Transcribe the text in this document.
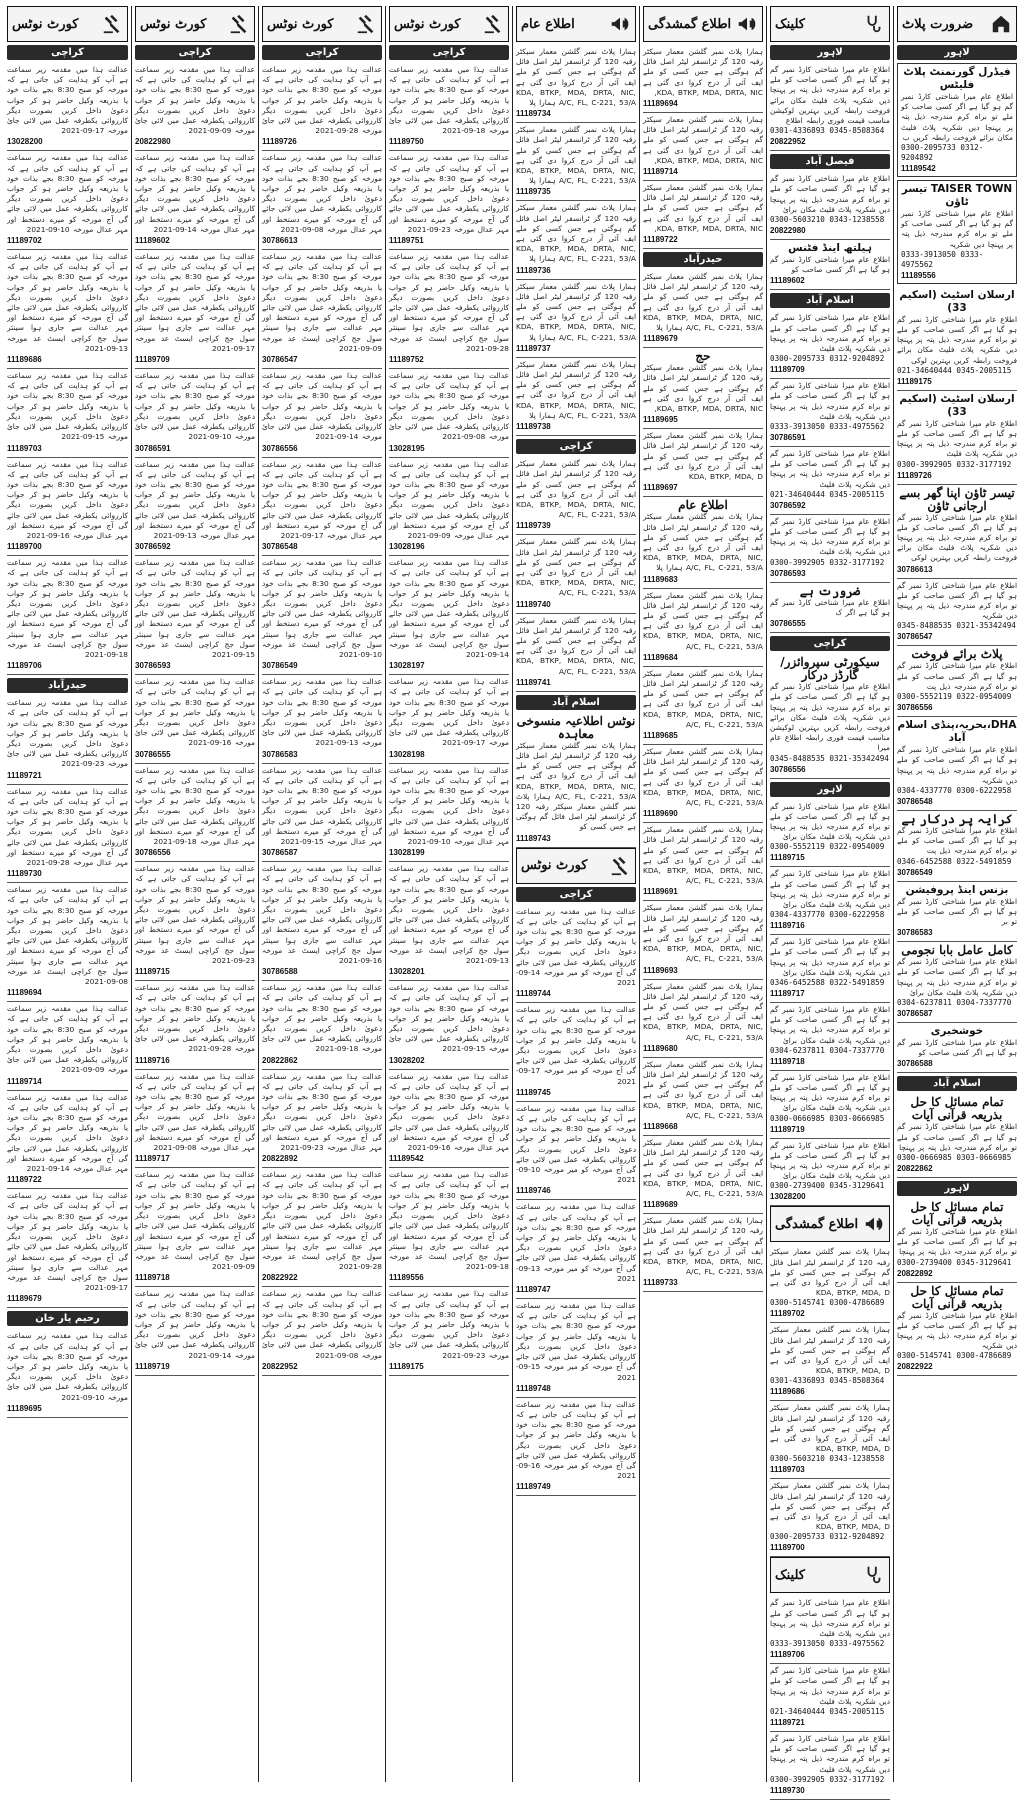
ضرورت پلاٹ
لاہور
فیڈرل گورنمنٹ پلاٹ فلیٹس
اطلاع عام میرا شناختی کارڈ نمبر گم ہو گیا ہے اگر کسی صاحب کو ملے تو براہ کرم مندرجہ ذیل پتہ پر پہنچا دیں شکریہ پلاٹ فلیٹ مکان برائے فروخت رابطہ کریں ب
0300-2095733 0312-9204892
11189542
TAISER TOWN تیسر ٹاؤن
اطلاع عام میرا شناختی کارڈ نمبر گم ہو گیا ہے اگر کسی صاحب کو ملے تو براہ کرم مندرجہ ذیل پتہ پر پہنچا دیں شکریہ
0333-3913050 0333-4975562
11189556
ارسلان اسٹیٹ (اسکیم 33)
اطلاع عام میرا شناختی کارڈ نمبر گم ہو گیا ہے اگر کسی صاحب کو ملے تو براہ کرم مندرجہ ذیل پتہ پر پہنچا دیں شکریہ پلاٹ فلیٹ مکان برائے فروخت رابطہ کریں بہترین لوکی
021-34640444 0345-2005115
11189175
ارسلان اسٹیٹ (اسکیم 33)
اطلاع عام میرا شناختی کارڈ نمبر گم ہو گیا ہے اگر کسی صاحب کو ملے تو براہ کرم مندرجہ ذیل پتہ پر پہنچا دیں شکریہ پلاٹ فلیٹ
0300-3992905 0332-3177192
11189726
تیسر ٹاؤن اپنا گھر بسے ارجانی ٹاؤن
اطلاع عام میرا شناختی کارڈ نمبر گم ہو گیا ہے اگر کسی صاحب کو ملے تو براہ کرم مندرجہ ذیل پتہ پر پہنچا دیں شکریہ پلاٹ فلیٹ مکان برائے فروخت رابطہ کریں بہترین لوکی
30786613
اطلاع عام میرا شناختی کارڈ نمبر گم ہو گیا ہے اگر کسی صاحب کو ملے تو براہ کرم مندرجہ ذیل پتہ پر پہنچا دیں شکریہ
0345-8488535 0321-35342494
30786547
پلاٹ برائے فروخت
اطلاع عام میرا شناختی کارڈ نمبر گم ہو گیا ہے اگر کسی صاحب کو ملے تو براہ کرم مندرجہ ذیل پت
0300-5552119 0322-0954009
30786556
DHA،بحریہ،پنڈی اسلام آباد
اطلاع عام میرا شناختی کارڈ نمبر گم ہو گیا ہے اگر کسی صاحب کو ملے تو براہ کرم مندرجہ ذیل پتہ پر پہنچا دیں شکریہ
0304-4337770 0300-6222958
30786548
کرایہ پر درکار ہے
اطلاع عام میرا شناختی کارڈ نمبر گم ہو گیا ہے اگر کسی صاحب کو ملے تو براہ کرم مندرجہ ذیل پت
0346-6452588 0322-5491859
30786549
بزنس اینڈ پروفیشن
اطلاع عام میرا شناختی کارڈ نمبر گم ہو گیا ہے اگر کسی صاحب کو ملے تو بر
30786583
کامل عامل بابا نجومی
اطلاع عام میرا شناختی کارڈ نمبر گم ہو گیا ہے اگر کسی صاحب کو ملے تو براہ کرم مندرجہ ذیل پتہ پر پہنچا دیں شکریہ پلاٹ فلیٹ مکان برائ
0304-6237811 0304-7337770
30786587
خوشخبری
اطلاع عام میرا شناختی کارڈ نمبر گم ہو گیا ہے اگر کسی صاحب کو
30786588
اسلام آباد
تمام مسائل کا حل بذریعہ قرآنی آیات
اطلاع عام میرا شناختی کارڈ نمبر گم ہو گیا ہے اگر کسی صاحب کو ملے تو براہ کرم مندرجہ ذیل پتہ پر پہنچا
0300-0666985 0303-0666985
20822862
لاہور
تمام مسائل کا حل بذریعہ قرآنی آیات
اطلاع عام میرا شناختی کارڈ نمبر گم ہو گیا ہے اگر کسی صاحب کو ملے تو براہ کرم مندرجہ ذیل پتہ پر پہنچا
0300-2739400 0345-3129641
20822892
تمام مسائل کا حل بذریعہ قرآنی آیات
اطلاع عام میرا شناختی کارڈ نمبر گم ہو گیا ہے اگر کسی صاحب کو ملے تو براہ کرم مندرجہ ذیل پتہ پر پہنچا دیں شکریہ
0300-5145741 0300-4786689
20822922
کلینک
لاہور
اطلاع عام میرا شناختی کارڈ نمبر گم ہو گیا ہے اگر کسی صاحب کو ملے تو براہ کرم مندرجہ ذیل پتہ پر پہنچا دیں شکریہ پلاٹ فلیٹ مکان برائے فروخت رابطہ کریں بہترین لوکیشن مناسب قیمت فوری رابطہ اطلاع
0301-4336893 0345-8508364
20822952
فیصل آباد
اطلاع عام میرا شناختی کارڈ نمبر گم ہو گیا ہے اگر کسی صاحب کو ملے تو براہ کرم مندرجہ ذیل پتہ پر پہنچا دیں شکریہ پلاٹ فلیٹ مکان برائ
0300-5603210 0343-1238558
20822980
ہیلتھ اینڈ فٹنس
اطلاع عام میرا شناختی کارڈ نمبر گم ہو گیا ہے اگر کسی صاحب کو
11189602
اسلام آباد
اطلاع عام میرا شناختی کارڈ نمبر گم ہو گیا ہے اگر کسی صاحب کو ملے تو براہ کرم مندرجہ ذیل پتہ پر پہنچا دیں شکریہ پلاٹ فلیٹ
0300-2095733 0312-9204892
11189709
اطلاع عام میرا شناختی کارڈ نمبر گم ہو گیا ہے اگر کسی صاحب کو ملے تو براہ کرم مندرجہ ذیل پتہ پر پہنچا دیں شکریہ پلاٹ فلیٹ
0333-3913050 0333-4975562
30786591
اطلاع عام میرا شناختی کارڈ نمبر گم ہو گیا ہے اگر کسی صاحب کو ملے تو براہ کرم مندرجہ ذیل پتہ پر پہنچا دیں شکریہ پلاٹ فلیٹ
021-34640444 0345-2005115
30786592
اطلاع عام میرا شناختی کارڈ نمبر گم ہو گیا ہے اگر کسی صاحب کو ملے تو براہ کرم مندرجہ ذیل پتہ پر پہنچا دیں شکریہ پلاٹ فلیٹ
0300-3992905 0332-3177192
30786593
ضرورت ہے
اطلاع عام میرا شناختی کارڈ نمبر گم ہو گیا ہے اگر ک
30786555
کراچی
سیکورٹی سپروائزر/گارڈز درکار
اطلاع عام میرا شناختی کارڈ نمبر گم ہو گیا ہے اگر کسی صاحب کو ملے تو براہ کرم مندرجہ ذیل پتہ پر پہنچا دیں شکریہ پلاٹ فلیٹ مکان برائے فروخت رابطہ کریں بہترین لوکیشن مناسب قیمت فوری رابطہ اطلاع عام میرا
0345-8488535 0321-35342494
30786556
لاہور
اطلاع عام میرا شناختی کارڈ نمبر گم ہو گیا ہے اگر کسی صاحب کو ملے تو براہ کرم مندرجہ ذیل پتہ پر پہنچا دیں شکریہ پلاٹ فلیٹ مکان برائ
0300-5552119 0322-0954009
11189715
اطلاع عام میرا شناختی کارڈ نمبر گم ہو گیا ہے اگر کسی صاحب کو ملے تو براہ کرم مندرجہ ذیل پتہ پر پہنچا دیں شکریہ پلاٹ فلیٹ مکان برائ
0304-4337770 0300-6222958
11189716
اطلاع عام میرا شناختی کارڈ نمبر گم ہو گیا ہے اگر کسی صاحب کو ملے تو براہ کرم مندرجہ ذیل پتہ پر پہنچا دیں شکریہ پلاٹ فلیٹ مکان برائ
0346-6452588 0322-5491859
11189717
اطلاع عام میرا شناختی کارڈ نمبر گم ہو گیا ہے اگر کسی صاحب کو ملے تو براہ کرم مندرجہ ذیل پتہ پر پہنچا دیں شکریہ پلاٹ فلیٹ مکان برائ
0304-6237811 0304-7337770
11189718
اطلاع عام میرا شناختی کارڈ نمبر گم ہو گیا ہے اگر کسی صاحب کو ملے تو براہ کرم مندرجہ ذیل پتہ پر پہنچا دیں شکریہ پلاٹ فلیٹ مکان برائ
0300-0666985 0303-0666985
11189719
اطلاع عام میرا شناختی کارڈ نمبر گم ہو گیا ہے اگر کسی صاحب کو ملے تو براہ کرم مندرجہ ذیل پتہ پر پہنچا دیں شکریہ پلاٹ فلیٹ مکان برائ
0300-2739400 0345-3129641
13028200
اطلاع گمشدگی
ہمارا پلاٹ نمبر گلشن معمار سیکٹر رقبہ 120 گز ٹرانسفر لیٹر اصل فائل گم ہوگئی ہے جس کسی کو ملے ایف آئی آر درج کروا دی گئی ہے KDA, BTKP, MDA, D
0300-5145741 0300-4786689
11189702
ہمارا پلاٹ نمبر گلشن معمار سیکٹر رقبہ 120 گز ٹرانسفر لیٹر اصل فائل گم ہوگئی ہے جس کسی کو ملے ایف آئی آر درج کروا دی گئی ہے KDA, BTKP, MDA, D
0301-4336893 0345-8508364
11189686
ہمارا پلاٹ نمبر گلشن معمار سیکٹر رقبہ 120 گز ٹرانسفر لیٹر اصل فائل گم ہوگئی ہے جس کسی کو ملے ایف آئی آر درج کروا دی گئی ہے KDA, BTKP, MDA, D
0300-5603210 0343-1238558
11189703
ہمارا پلاٹ نمبر گلشن معمار سیکٹر رقبہ 120 گز ٹرانسفر لیٹر اصل فائل گم ہوگئی ہے جس کسی کو ملے ایف آئی آر درج کروا دی گئی ہے KDA, BTKP, MDA, D
0300-2095733 0312-9204892
11189700
کلینک
اطلاع عام میرا شناختی کارڈ نمبر گم ہو گیا ہے اگر کسی صاحب کو ملے تو براہ کرم مندرجہ ذیل پتہ پر پہنچا دیں شکریہ پلاٹ فلیٹ
0333-3913050 0333-4975562
11189706
اطلاع عام میرا شناختی کارڈ نمبر گم ہو گیا ہے اگر کسی صاحب کو ملے تو براہ کرم مندرجہ ذیل پتہ پر پہنچا دیں شکریہ پلاٹ فلیٹ
021-34640444 0345-2005115
11189721
اطلاع عام میرا شناختی کارڈ نمبر گم ہو گیا ہے اگر کسی صاحب کو ملے تو براہ کرم مندرجہ ذیل پتہ پر پہنچا دیں شکریہ پلاٹ فلیٹ
0300-3992905 0332-3177192
11189730
اطلاع گمشدگی
ہمارا پلاٹ نمبر گلشن معمار سیکٹر رقبہ 120 گز ٹرانسفر لیٹر اصل فائل گم ہوگئی ہے جس کسی کو ملے ایف آئی آر درج کروا دی گئی ہے KDA, BTKP, MDA, DRTA, NIC,
11189694
ہمارا پلاٹ نمبر گلشن معمار سیکٹر رقبہ 120 گز ٹرانسفر لیٹر اصل فائل گم ہوگئی ہے جس کسی کو ملے ایف آئی آر درج کروا دی گئی ہے KDA, BTKP, MDA, DRTA, NIC,
11189714
ہمارا پلاٹ نمبر گلشن معمار سیکٹر رقبہ 120 گز ٹرانسفر لیٹر اصل فائل گم ہوگئی ہے جس کسی کو ملے ایف آئی آر درج کروا دی گئی ہے KDA, BTKP, MDA, DRTA, NIC,
11189722
حیدرآباد
ہمارا پلاٹ نمبر گلشن معمار سیکٹر رقبہ 120 گز ٹرانسفر لیٹر اصل فائل گم ہوگئی ہے جس کسی کو ملے ایف آئی آر درج کروا دی گئی ہے KDA, BTKP, MDA, DRTA, NIC, A/C, FL, C-221, 53/A ہمارا پلا
11189679
حج
ہمارا پلاٹ نمبر گلشن معمار سیکٹر رقبہ 120 گز ٹرانسفر لیٹر اصل فائل گم ہوگئی ہے جس کسی کو ملے ایف آئی آر درج کروا دی گئی ہے KDA, BTKP, MDA, DRTA, NIC,
11189695
ہمارا پلاٹ نمبر گلشن معمار سیکٹر رقبہ 120 گز ٹرانسفر لیٹر اصل فائل گم ہوگئی ہے جس کسی کو ملے ایف آئی آر درج کروا دی گئی ہے KDA, BTKP, MDA, D
11189697
اطلاع عام
ہمارا پلاٹ نمبر گلشن معمار سیکٹر رقبہ 120 گز ٹرانسفر لیٹر اصل فائل گم ہوگئی ہے جس کسی کو ملے ایف آئی آر درج کروا دی گئی ہے KDA, BTKP, MDA, DRTA, NIC, A/C, FL, C-221, 53/A ہمارا پلا
11189683
ہمارا پلاٹ نمبر گلشن معمار سیکٹر رقبہ 120 گز ٹرانسفر لیٹر اصل فائل گم ہوگئی ہے جس کسی کو ملے ایف آئی آر درج کروا دی گئی ہے KDA, BTKP, MDA, DRTA, NIC, A/C, FL, C-221, 53/A
11189684
ہمارا پلاٹ نمبر گلشن معمار سیکٹر رقبہ 120 گز ٹرانسفر لیٹر اصل فائل گم ہوگئی ہے جس کسی کو ملے ایف آئی آر درج کروا دی گئی ہے KDA, BTKP, MDA, DRTA, NIC, A/C, FL, C-221, 53/A
11189685
ہمارا پلاٹ نمبر گلشن معمار سیکٹر رقبہ 120 گز ٹرانسفر لیٹر اصل فائل گم ہوگئی ہے جس کسی کو ملے ایف آئی آر درج کروا دی گئی ہے KDA, BTKP, MDA, DRTA, NIC, A/C, FL, C-221, 53/A
11189690
ہمارا پلاٹ نمبر گلشن معمار سیکٹر رقبہ 120 گز ٹرانسفر لیٹر اصل فائل گم ہوگئی ہے جس کسی کو ملے ایف آئی آر درج کروا دی گئی ہے KDA, BTKP, MDA, DRTA, NIC, A/C, FL, C-221, 53/A
11189691
ہمارا پلاٹ نمبر گلشن معمار سیکٹر رقبہ 120 گز ٹرانسفر لیٹر اصل فائل گم ہوگئی ہے جس کسی کو ملے ایف آئی آر درج کروا دی گئی ہے KDA, BTKP, MDA, DRTA, NIC, A/C, FL, C-221, 53/A
11189693
ہمارا پلاٹ نمبر گلشن معمار سیکٹر رقبہ 120 گز ٹرانسفر لیٹر اصل فائل گم ہوگئی ہے جس کسی کو ملے ایف آئی آر درج کروا دی گئی ہے KDA, BTKP, MDA, DRTA, NIC, A/C, FL, C-221, 53/A
11189680
ہمارا پلاٹ نمبر گلشن معمار سیکٹر رقبہ 120 گز ٹرانسفر لیٹر اصل فائل گم ہوگئی ہے جس کسی کو ملے ایف آئی آر درج کروا دی گئی ہے KDA, BTKP, MDA, DRTA, NIC, A/C, FL, C-221, 53/A
11189668
ہمارا پلاٹ نمبر گلشن معمار سیکٹر رقبہ 120 گز ٹرانسفر لیٹر اصل فائل گم ہوگئی ہے جس کسی کو ملے ایف آئی آر درج کروا دی گئی ہے KDA, BTKP, MDA, DRTA, NIC, A/C, FL, C-221, 53/A
11189689
ہمارا پلاٹ نمبر گلشن معمار سیکٹر رقبہ 120 گز ٹرانسفر لیٹر اصل فائل گم ہوگئی ہے جس کسی کو ملے ایف آئی آر درج کروا دی گئی ہے KDA, BTKP, MDA, DRTA, NIC, A/C, FL, C-221, 53/A
11189733
اطلاع عام
ہمارا پلاٹ نمبر گلشن معمار سیکٹر رقبہ 120 گز ٹرانسفر لیٹر اصل فائل گم ہوگئی ہے جس کسی کو ملے ایف آئی آر درج کروا دی گئی ہے KDA, BTKP, MDA, DRTA, NIC, A/C, FL, C-221, 53/A ہمارا پلا
11189734
ہمارا پلاٹ نمبر گلشن معمار سیکٹر رقبہ 120 گز ٹرانسفر لیٹر اصل فائل گم ہوگئی ہے جس کسی کو ملے ایف آئی آر درج کروا دی گئی ہے KDA, BTKP, MDA, DRTA, NIC, A/C, FL, C-221, 53/A ہمارا پلا
11189735
ہمارا پلاٹ نمبر گلشن معمار سیکٹر رقبہ 120 گز ٹرانسفر لیٹر اصل فائل گم ہوگئی ہے جس کسی کو ملے ایف آئی آر درج کروا دی گئی ہے KDA, BTKP, MDA, DRTA, NIC, A/C, FL, C-221, 53/A ہمارا پلا
11189736
ہمارا پلاٹ نمبر گلشن معمار سیکٹر رقبہ 120 گز ٹرانسفر لیٹر اصل فائل گم ہوگئی ہے جس کسی کو ملے ایف آئی آر درج کروا دی گئی ہے KDA, BTKP, MDA, DRTA, NIC, A/C, FL, C-221, 53/A ہمارا پلا
11189737
ہمارا پلاٹ نمبر گلشن معمار سیکٹر رقبہ 120 گز ٹرانسفر لیٹر اصل فائل گم ہوگئی ہے جس کسی کو ملے ایف آئی آر درج کروا دی گئی ہے KDA, BTKP, MDA, DRTA, NIC, A/C, FL, C-221, 53/A ہمارا پلا
11189738
کراچی
ہمارا پلاٹ نمبر گلشن معمار سیکٹر رقبہ 120 گز ٹرانسفر لیٹر اصل فائل گم ہوگئی ہے جس کسی کو ملے ایف آئی آر درج کروا دی گئی ہے KDA, BTKP, MDA, DRTA, NIC, A/C, FL, C-221, 53/A
11189739
ہمارا پلاٹ نمبر گلشن معمار سیکٹر رقبہ 120 گز ٹرانسفر لیٹر اصل فائل گم ہوگئی ہے جس کسی کو ملے ایف آئی آر درج کروا دی گئی ہے KDA, BTKP, MDA, DRTA, NIC, A/C, FL, C-221, 53/A
11189740
ہمارا پلاٹ نمبر گلشن معمار سیکٹر رقبہ 120 گز ٹرانسفر لیٹر اصل فائل گم ہوگئی ہے جس کسی کو ملے ایف آئی آر درج کروا دی گئی ہے KDA, BTKP, MDA, DRTA, NIC, A/C, FL, C-221, 53/A
11189741
اسلام آباد
نوٹس اطلاعیہ منسوخی معاہدہ
ہمارا پلاٹ نمبر گلشن معمار سیکٹر رقبہ 120 گز ٹرانسفر لیٹر اصل فائل گم ہوگئی ہے جس کسی کو ملے ایف آئی آر درج کروا دی گئی ہے KDA, BTKP, MDA, DRTA, NIC, A/C, FL, C-221, 53/A ہمارا پلاٹ نمبر گلشن معمار سیکٹر رقبہ 120 گز ٹرانسفر لیٹر اصل فائل گم ہوگئی ہے جس کسی کو
11189743
کورٹ نوٹس
کراچی
عدالت ہذا میں مقدمہ زیر سماعت ہے آپ کو ہدایت کی جاتی ہے کہ مورخہ کو صبح 8:30 بجے بذات خود یا بذریعہ وکیل حاضر ہو کر جواب دعویٰ داخل کریں بصورت دیگر کارروائی یکطرفہ عمل میں لائی جائے گی آج مورخہ کو میر مورخہ 14-09-2021
11189744
عدالت ہذا میں مقدمہ زیر سماعت ہے آپ کو ہدایت کی جاتی ہے کہ مورخہ کو صبح 8:30 بجے بذات خود یا بذریعہ وکیل حاضر ہو کر جواب دعویٰ داخل کریں بصورت دیگر کارروائی یکطرفہ عمل میں لائی جائے گی آج مورخہ کو میر مورخہ 17-09-2021
11189745
عدالت ہذا میں مقدمہ زیر سماعت ہے آپ کو ہدایت کی جاتی ہے کہ مورخہ کو صبح 8:30 بجے بذات خود یا بذریعہ وکیل حاضر ہو کر جواب دعویٰ داخل کریں بصورت دیگر کارروائی یکطرفہ عمل میں لائی جائے گی آج مورخہ کو میر مورخہ 10-09-2021
11189746
عدالت ہذا میں مقدمہ زیر سماعت ہے آپ کو ہدایت کی جاتی ہے کہ مورخہ کو صبح 8:30 بجے بذات خود یا بذریعہ وکیل حاضر ہو کر جواب دعویٰ داخل کریں بصورت دیگر کارروائی یکطرفہ عمل میں لائی جائے گی آج مورخہ کو میر مورخہ 13-09-2021
11189747
عدالت ہذا میں مقدمہ زیر سماعت ہے آپ کو ہدایت کی جاتی ہے کہ مورخہ کو صبح 8:30 بجے بذات خود یا بذریعہ وکیل حاضر ہو کر جواب دعویٰ داخل کریں بصورت دیگر کارروائی یکطرفہ عمل میں لائی جائے گی آج مورخہ کو میر مورخہ 15-09-2021
11189748
عدالت ہذا میں مقدمہ زیر سماعت ہے آپ کو ہدایت کی جاتی ہے کہ مورخہ کو صبح 8:30 بجے بذات خود یا بذریعہ وکیل حاضر ہو کر جواب دعویٰ داخل کریں بصورت دیگر کارروائی یکطرفہ عمل میں لائی جائے گی آج مورخہ کو میر مورخہ 16-09-2021
11189749
کورٹ نوٹس
کراچی
عدالت ہذا میں مقدمہ زیر سماعت ہے آپ کو ہدایت کی جاتی ہے کہ مورخہ کو صبح 8:30 بجے بذات خود یا بذریعہ وکیل حاضر ہو کر جواب دعویٰ داخل کریں بصورت دیگر کارروائی یکطرفہ عمل میں لائی جائ مورخہ 18-09-2021
11189750
عدالت ہذا میں مقدمہ زیر سماعت ہے آپ کو ہدایت کی جاتی ہے کہ مورخہ کو صبح 8:30 بجے بذات خود یا بذریعہ وکیل حاضر ہو کر جواب دعویٰ داخل کریں بصورت دیگر کارروائی یکطرفہ عمل میں لائی جائے گی آج مورخہ کو میرے دستخط اور مہر عدال مورخہ 23-09-2021
11189751
عدالت ہذا میں مقدمہ زیر سماعت ہے آپ کو ہدایت کی جاتی ہے کہ مورخہ کو صبح 8:30 بجے بذات خود یا بذریعہ وکیل حاضر ہو کر جواب دعویٰ داخل کریں بصورت دیگر کارروائی یکطرفہ عمل میں لائی جائے گی آج مورخہ کو میرے دستخط اور مہر عدالت سے جاری ہوا سینئر سول جج کراچی ایسٹ عد مورخہ 28-09-2021
11189752
عدالت ہذا میں مقدمہ زیر سماعت ہے آپ کو ہدایت کی جاتی ہے کہ مورخہ کو صبح 8:30 بجے بذات خود یا بذریعہ وکیل حاضر ہو کر جواب دعویٰ داخل کریں بصورت دیگر کارروائی یکطرفہ عمل میں لائی جائ مورخہ 08-09-2021
13028195
عدالت ہذا میں مقدمہ زیر سماعت ہے آپ کو ہدایت کی جاتی ہے کہ مورخہ کو صبح 8:30 بجے بذات خود یا بذریعہ وکیل حاضر ہو کر جواب دعویٰ داخل کریں بصورت دیگر کارروائی یکطرفہ عمل میں لائی جائے گی آج مورخہ کو میرے دستخط اور مہر عدال مورخہ 09-09-2021
13028196
عدالت ہذا میں مقدمہ زیر سماعت ہے آپ کو ہدایت کی جاتی ہے کہ مورخہ کو صبح 8:30 بجے بذات خود یا بذریعہ وکیل حاضر ہو کر جواب دعویٰ داخل کریں بصورت دیگر کارروائی یکطرفہ عمل میں لائی جائے گی آج مورخہ کو میرے دستخط اور مہر عدالت سے جاری ہوا سینئر سول جج کراچی ایسٹ عد مورخہ 14-09-2021
13028197
عدالت ہذا میں مقدمہ زیر سماعت ہے آپ کو ہدایت کی جاتی ہے کہ مورخہ کو صبح 8:30 بجے بذات خود یا بذریعہ وکیل حاضر ہو کر جواب دعویٰ داخل کریں بصورت دیگر کارروائی یکطرفہ عمل میں لائی جائ مورخہ 17-09-2021
13028198
عدالت ہذا میں مقدمہ زیر سماعت ہے آپ کو ہدایت کی جاتی ہے کہ مورخہ کو صبح 8:30 بجے بذات خود یا بذریعہ وکیل حاضر ہو کر جواب دعویٰ داخل کریں بصورت دیگر کارروائی یکطرفہ عمل میں لائی جائے گی آج مورخہ کو میرے دستخط اور مہر عدال مورخہ 10-09-2021
13028199
عدالت ہذا میں مقدمہ زیر سماعت ہے آپ کو ہدایت کی جاتی ہے کہ مورخہ کو صبح 8:30 بجے بذات خود یا بذریعہ وکیل حاضر ہو کر جواب دعویٰ داخل کریں بصورت دیگر کارروائی یکطرفہ عمل میں لائی جائے گی آج مورخہ کو میرے دستخط اور مہر عدالت سے جاری ہوا سینئر سول جج کراچی ایسٹ عد مورخہ 13-09-2021
13028201
عدالت ہذا میں مقدمہ زیر سماعت ہے آپ کو ہدایت کی جاتی ہے کہ مورخہ کو صبح 8:30 بجے بذات خود یا بذریعہ وکیل حاضر ہو کر جواب دعویٰ داخل کریں بصورت دیگر کارروائی یکطرفہ عمل میں لائی جائ مورخہ 15-09-2021
13028202
عدالت ہذا میں مقدمہ زیر سماعت ہے آپ کو ہدایت کی جاتی ہے کہ مورخہ کو صبح 8:30 بجے بذات خود یا بذریعہ وکیل حاضر ہو کر جواب دعویٰ داخل کریں بصورت دیگر کارروائی یکطرفہ عمل میں لائی جائے گی آج مورخہ کو میرے دستخط اور مہر عدال مورخہ 16-09-2021
11189542
عدالت ہذا میں مقدمہ زیر سماعت ہے آپ کو ہدایت کی جاتی ہے کہ مورخہ کو صبح 8:30 بجے بذات خود یا بذریعہ وکیل حاضر ہو کر جواب دعویٰ داخل کریں بصورت دیگر کارروائی یکطرفہ عمل میں لائی جائے گی آج مورخہ کو میرے دستخط اور مہر عدالت سے جاری ہوا سینئر سول جج کراچی ایسٹ عد مورخہ 18-09-2021
11189556
عدالت ہذا میں مقدمہ زیر سماعت ہے آپ کو ہدایت کی جاتی ہے کہ مورخہ کو صبح 8:30 بجے بذات خود یا بذریعہ وکیل حاضر ہو کر جواب دعویٰ داخل کریں بصورت دیگر کارروائی یکطرفہ عمل میں لائی جائ مورخہ 23-09-2021
11189175
کورٹ نوٹس
کراچی
عدالت ہذا میں مقدمہ زیر سماعت ہے آپ کو ہدایت کی جاتی ہے کہ مورخہ کو صبح 8:30 بجے بذات خود یا بذریعہ وکیل حاضر ہو کر جواب دعویٰ داخل کریں بصورت دیگر کارروائی یکطرفہ عمل میں لائی جائ مورخہ 28-09-2021
11189726
عدالت ہذا میں مقدمہ زیر سماعت ہے آپ کو ہدایت کی جاتی ہے کہ مورخہ کو صبح 8:30 بجے بذات خود یا بذریعہ وکیل حاضر ہو کر جواب دعویٰ داخل کریں بصورت دیگر کارروائی یکطرفہ عمل میں لائی جائے گی آج مورخہ کو میرے دستخط اور مہر عدال مورخہ 08-09-2021
30786613
عدالت ہذا میں مقدمہ زیر سماعت ہے آپ کو ہدایت کی جاتی ہے کہ مورخہ کو صبح 8:30 بجے بذات خود یا بذریعہ وکیل حاضر ہو کر جواب دعویٰ داخل کریں بصورت دیگر کارروائی یکطرفہ عمل میں لائی جائے گی آج مورخہ کو میرے دستخط اور مہر عدالت سے جاری ہوا سینئر سول جج کراچی ایسٹ عد مورخہ 09-09-2021
30786547
عدالت ہذا میں مقدمہ زیر سماعت ہے آپ کو ہدایت کی جاتی ہے کہ مورخہ کو صبح 8:30 بجے بذات خود یا بذریعہ وکیل حاضر ہو کر جواب دعویٰ داخل کریں بصورت دیگر کارروائی یکطرفہ عمل میں لائی جائ مورخہ 14-09-2021
30786556
عدالت ہذا میں مقدمہ زیر سماعت ہے آپ کو ہدایت کی جاتی ہے کہ مورخہ کو صبح 8:30 بجے بذات خود یا بذریعہ وکیل حاضر ہو کر جواب دعویٰ داخل کریں بصورت دیگر کارروائی یکطرفہ عمل میں لائی جائے گی آج مورخہ کو میرے دستخط اور مہر عدال مورخہ 17-09-2021
30786548
عدالت ہذا میں مقدمہ زیر سماعت ہے آپ کو ہدایت کی جاتی ہے کہ مورخہ کو صبح 8:30 بجے بذات خود یا بذریعہ وکیل حاضر ہو کر جواب دعویٰ داخل کریں بصورت دیگر کارروائی یکطرفہ عمل میں لائی جائے گی آج مورخہ کو میرے دستخط اور مہر عدالت سے جاری ہوا سینئر سول جج کراچی ایسٹ عد مورخہ 10-09-2021
30786549
عدالت ہذا میں مقدمہ زیر سماعت ہے آپ کو ہدایت کی جاتی ہے کہ مورخہ کو صبح 8:30 بجے بذات خود یا بذریعہ وکیل حاضر ہو کر جواب دعویٰ داخل کریں بصورت دیگر کارروائی یکطرفہ عمل میں لائی جائ مورخہ 13-09-2021
30786583
عدالت ہذا میں مقدمہ زیر سماعت ہے آپ کو ہدایت کی جاتی ہے کہ مورخہ کو صبح 8:30 بجے بذات خود یا بذریعہ وکیل حاضر ہو کر جواب دعویٰ داخل کریں بصورت دیگر کارروائی یکطرفہ عمل میں لائی جائے گی آج مورخہ کو میرے دستخط اور مہر عدال مورخہ 15-09-2021
30786587
عدالت ہذا میں مقدمہ زیر سماعت ہے آپ کو ہدایت کی جاتی ہے کہ مورخہ کو صبح 8:30 بجے بذات خود یا بذریعہ وکیل حاضر ہو کر جواب دعویٰ داخل کریں بصورت دیگر کارروائی یکطرفہ عمل میں لائی جائے گی آج مورخہ کو میرے دستخط اور مہر عدالت سے جاری ہوا سینئر سول جج کراچی ایسٹ عد مورخہ 16-09-2021
30786588
عدالت ہذا میں مقدمہ زیر سماعت ہے آپ کو ہدایت کی جاتی ہے کہ مورخہ کو صبح 8:30 بجے بذات خود یا بذریعہ وکیل حاضر ہو کر جواب دعویٰ داخل کریں بصورت دیگر کارروائی یکطرفہ عمل میں لائی جائ مورخہ 18-09-2021
20822862
عدالت ہذا میں مقدمہ زیر سماعت ہے آپ کو ہدایت کی جاتی ہے کہ مورخہ کو صبح 8:30 بجے بذات خود یا بذریعہ وکیل حاضر ہو کر جواب دعویٰ داخل کریں بصورت دیگر کارروائی یکطرفہ عمل میں لائی جائے گی آج مورخہ کو میرے دستخط اور مہر عدال مورخہ 23-09-2021
20822892
عدالت ہذا میں مقدمہ زیر سماعت ہے آپ کو ہدایت کی جاتی ہے کہ مورخہ کو صبح 8:30 بجے بذات خود یا بذریعہ وکیل حاضر ہو کر جواب دعویٰ داخل کریں بصورت دیگر کارروائی یکطرفہ عمل میں لائی جائے گی آج مورخہ کو میرے دستخط اور مہر عدالت سے جاری ہوا سینئر سول جج کراچی ایسٹ عد مورخہ 28-09-2021
20822922
عدالت ہذا میں مقدمہ زیر سماعت ہے آپ کو ہدایت کی جاتی ہے کہ مورخہ کو صبح 8:30 بجے بذات خود یا بذریعہ وکیل حاضر ہو کر جواب دعویٰ داخل کریں بصورت دیگر کارروائی یکطرفہ عمل میں لائی جائ مورخہ 08-09-2021
20822952
کورٹ نوٹس
کراچی
عدالت ہذا میں مقدمہ زیر سماعت ہے آپ کو ہدایت کی جاتی ہے کہ مورخہ کو صبح 8:30 بجے بذات خود یا بذریعہ وکیل حاضر ہو کر جواب دعویٰ داخل کریں بصورت دیگر کارروائی یکطرفہ عمل میں لائی جائ مورخہ 09-09-2021
20822980
عدالت ہذا میں مقدمہ زیر سماعت ہے آپ کو ہدایت کی جاتی ہے کہ مورخہ کو صبح 8:30 بجے بذات خود یا بذریعہ وکیل حاضر ہو کر جواب دعویٰ داخل کریں بصورت دیگر کارروائی یکطرفہ عمل میں لائی جائے گی آج مورخہ کو میرے دستخط اور مہر عدال مورخہ 14-09-2021
11189602
عدالت ہذا میں مقدمہ زیر سماعت ہے آپ کو ہدایت کی جاتی ہے کہ مورخہ کو صبح 8:30 بجے بذات خود یا بذریعہ وکیل حاضر ہو کر جواب دعویٰ داخل کریں بصورت دیگر کارروائی یکطرفہ عمل میں لائی جائے گی آج مورخہ کو میرے دستخط اور مہر عدالت سے جاری ہوا سینئر سول جج کراچی ایسٹ عد مورخہ 17-09-2021
11189709
عدالت ہذا میں مقدمہ زیر سماعت ہے آپ کو ہدایت کی جاتی ہے کہ مورخہ کو صبح 8:30 بجے بذات خود یا بذریعہ وکیل حاضر ہو کر جواب دعویٰ داخل کریں بصورت دیگر کارروائی یکطرفہ عمل میں لائی جائ مورخہ 10-09-2021
30786591
عدالت ہذا میں مقدمہ زیر سماعت ہے آپ کو ہدایت کی جاتی ہے کہ مورخہ کو صبح 8:30 بجے بذات خود یا بذریعہ وکیل حاضر ہو کر جواب دعویٰ داخل کریں بصورت دیگر کارروائی یکطرفہ عمل میں لائی جائے گی آج مورخہ کو میرے دستخط اور مہر عدال مورخہ 13-09-2021
30786592
عدالت ہذا میں مقدمہ زیر سماعت ہے آپ کو ہدایت کی جاتی ہے کہ مورخہ کو صبح 8:30 بجے بذات خود یا بذریعہ وکیل حاضر ہو کر جواب دعویٰ داخل کریں بصورت دیگر کارروائی یکطرفہ عمل میں لائی جائے گی آج مورخہ کو میرے دستخط اور مہر عدالت سے جاری ہوا سینئر سول جج کراچی ایسٹ عد مورخہ 15-09-2021
30786593
عدالت ہذا میں مقدمہ زیر سماعت ہے آپ کو ہدایت کی جاتی ہے کہ مورخہ کو صبح 8:30 بجے بذات خود یا بذریعہ وکیل حاضر ہو کر جواب دعویٰ داخل کریں بصورت دیگر کارروائی یکطرفہ عمل میں لائی جائ مورخہ 16-09-2021
30786555
عدالت ہذا میں مقدمہ زیر سماعت ہے آپ کو ہدایت کی جاتی ہے کہ مورخہ کو صبح 8:30 بجے بذات خود یا بذریعہ وکیل حاضر ہو کر جواب دعویٰ داخل کریں بصورت دیگر کارروائی یکطرفہ عمل میں لائی جائے گی آج مورخہ کو میرے دستخط اور مہر عدال مورخہ 18-09-2021
30786556
عدالت ہذا میں مقدمہ زیر سماعت ہے آپ کو ہدایت کی جاتی ہے کہ مورخہ کو صبح 8:30 بجے بذات خود یا بذریعہ وکیل حاضر ہو کر جواب دعویٰ داخل کریں بصورت دیگر کارروائی یکطرفہ عمل میں لائی جائے گی آج مورخہ کو میرے دستخط اور مہر عدالت سے جاری ہوا سینئر سول جج کراچی ایسٹ عد مورخہ 23-09-2021
11189715
عدالت ہذا میں مقدمہ زیر سماعت ہے آپ کو ہدایت کی جاتی ہے کہ مورخہ کو صبح 8:30 بجے بذات خود یا بذریعہ وکیل حاضر ہو کر جواب دعویٰ داخل کریں بصورت دیگر کارروائی یکطرفہ عمل میں لائی جائ مورخہ 28-09-2021
11189716
عدالت ہذا میں مقدمہ زیر سماعت ہے آپ کو ہدایت کی جاتی ہے کہ مورخہ کو صبح 8:30 بجے بذات خود یا بذریعہ وکیل حاضر ہو کر جواب دعویٰ داخل کریں بصورت دیگر کارروائی یکطرفہ عمل میں لائی جائے گی آج مورخہ کو میرے دستخط اور مہر عدال مورخہ 08-09-2021
11189717
عدالت ہذا میں مقدمہ زیر سماعت ہے آپ کو ہدایت کی جاتی ہے کہ مورخہ کو صبح 8:30 بجے بذات خود یا بذریعہ وکیل حاضر ہو کر جواب دعویٰ داخل کریں بصورت دیگر کارروائی یکطرفہ عمل میں لائی جائے گی آج مورخہ کو میرے دستخط اور مہر عدالت سے جاری ہوا سینئر سول جج کراچی ایسٹ عد مورخہ 09-09-2021
11189718
عدالت ہذا میں مقدمہ زیر سماعت ہے آپ کو ہدایت کی جاتی ہے کہ مورخہ کو صبح 8:30 بجے بذات خود یا بذریعہ وکیل حاضر ہو کر جواب دعویٰ داخل کریں بصورت دیگر کارروائی یکطرفہ عمل میں لائی جائ مورخہ 14-09-2021
11189719
کورٹ نوٹس
کراچی
عدالت ہذا میں مقدمہ زیر سماعت ہے آپ کو ہدایت کی جاتی ہے کہ مورخہ کو صبح 8:30 بجے بذات خود یا بذریعہ وکیل حاضر ہو کر جواب دعویٰ داخل کریں بصورت دیگر کارروائی یکطرفہ عمل میں لائی جائ مورخہ 17-09-2021
13028200
عدالت ہذا میں مقدمہ زیر سماعت ہے آپ کو ہدایت کی جاتی ہے کہ مورخہ کو صبح 8:30 بجے بذات خود یا بذریعہ وکیل حاضر ہو کر جواب دعویٰ داخل کریں بصورت دیگر کارروائی یکطرفہ عمل میں لائی جائے گی آج مورخہ کو میرے دستخط اور مہر عدال مورخہ 10-09-2021
11189702
عدالت ہذا میں مقدمہ زیر سماعت ہے آپ کو ہدایت کی جاتی ہے کہ مورخہ کو صبح 8:30 بجے بذات خود یا بذریعہ وکیل حاضر ہو کر جواب دعویٰ داخل کریں بصورت دیگر کارروائی یکطرفہ عمل میں لائی جائے گی آج مورخہ کو میرے دستخط اور مہر عدالت سے جاری ہوا سینئر سول جج کراچی ایسٹ عد مورخہ 13-09-2021
11189686
عدالت ہذا میں مقدمہ زیر سماعت ہے آپ کو ہدایت کی جاتی ہے کہ مورخہ کو صبح 8:30 بجے بذات خود یا بذریعہ وکیل حاضر ہو کر جواب دعویٰ داخل کریں بصورت دیگر کارروائی یکطرفہ عمل میں لائی جائ مورخہ 15-09-2021
11189703
عدالت ہذا میں مقدمہ زیر سماعت ہے آپ کو ہدایت کی جاتی ہے کہ مورخہ کو صبح 8:30 بجے بذات خود یا بذریعہ وکیل حاضر ہو کر جواب دعویٰ داخل کریں بصورت دیگر کارروائی یکطرفہ عمل میں لائی جائے گی آج مورخہ کو میرے دستخط اور مہر عدال مورخہ 16-09-2021
11189700
عدالت ہذا میں مقدمہ زیر سماعت ہے آپ کو ہدایت کی جاتی ہے کہ مورخہ کو صبح 8:30 بجے بذات خود یا بذریعہ وکیل حاضر ہو کر جواب دعویٰ داخل کریں بصورت دیگر کارروائی یکطرفہ عمل میں لائی جائے گی آج مورخہ کو میرے دستخط اور مہر عدالت سے جاری ہوا سینئر سول جج کراچی ایسٹ عد مورخہ 18-09-2021
11189706
حیدرآباد
عدالت ہذا میں مقدمہ زیر سماعت ہے آپ کو ہدایت کی جاتی ہے کہ مورخہ کو صبح 8:30 بجے بذات خود یا بذریعہ وکیل حاضر ہو کر جواب دعویٰ داخل کریں بصورت دیگر کارروائی یکطرفہ عمل میں لائی جائ مورخہ 23-09-2021
11189721
عدالت ہذا میں مقدمہ زیر سماعت ہے آپ کو ہدایت کی جاتی ہے کہ مورخہ کو صبح 8:30 بجے بذات خود یا بذریعہ وکیل حاضر ہو کر جواب دعویٰ داخل کریں بصورت دیگر کارروائی یکطرفہ عمل میں لائی جائے گی آج مورخہ کو میرے دستخط اور مہر عدال مورخہ 28-09-2021
11189730
عدالت ہذا میں مقدمہ زیر سماعت ہے آپ کو ہدایت کی جاتی ہے کہ مورخہ کو صبح 8:30 بجے بذات خود یا بذریعہ وکیل حاضر ہو کر جواب دعویٰ داخل کریں بصورت دیگر کارروائی یکطرفہ عمل میں لائی جائے گی آج مورخہ کو میرے دستخط اور مہر عدالت سے جاری ہوا سینئر سول جج کراچی ایسٹ عد مورخہ 08-09-2021
11189694
عدالت ہذا میں مقدمہ زیر سماعت ہے آپ کو ہدایت کی جاتی ہے کہ مورخہ کو صبح 8:30 بجے بذات خود یا بذریعہ وکیل حاضر ہو کر جواب دعویٰ داخل کریں بصورت دیگر کارروائی یکطرفہ عمل میں لائی جائ مورخہ 09-09-2021
11189714
عدالت ہذا میں مقدمہ زیر سماعت ہے آپ کو ہدایت کی جاتی ہے کہ مورخہ کو صبح 8:30 بجے بذات خود یا بذریعہ وکیل حاضر ہو کر جواب دعویٰ داخل کریں بصورت دیگر کارروائی یکطرفہ عمل میں لائی جائے گی آج مورخہ کو میرے دستخط اور مہر عدال مورخہ 14-09-2021
11189722
عدالت ہذا میں مقدمہ زیر سماعت ہے آپ کو ہدایت کی جاتی ہے کہ مورخہ کو صبح 8:30 بجے بذات خود یا بذریعہ وکیل حاضر ہو کر جواب دعویٰ داخل کریں بصورت دیگر کارروائی یکطرفہ عمل میں لائی جائے گی آج مورخہ کو میرے دستخط اور مہر عدالت سے جاری ہوا سینئر سول جج کراچی ایسٹ عد مورخہ 17-09-2021
11189679
رحیم یار خان
عدالت ہذا میں مقدمہ زیر سماعت ہے آپ کو ہدایت کی جاتی ہے کہ مورخہ کو صبح 8:30 بجے بذات خود یا بذریعہ وکیل حاضر ہو کر جواب دعویٰ داخل کریں بصورت دیگر کارروائی یکطرفہ عمل میں لائی جائ مورخہ 10-09-2021
11189695
